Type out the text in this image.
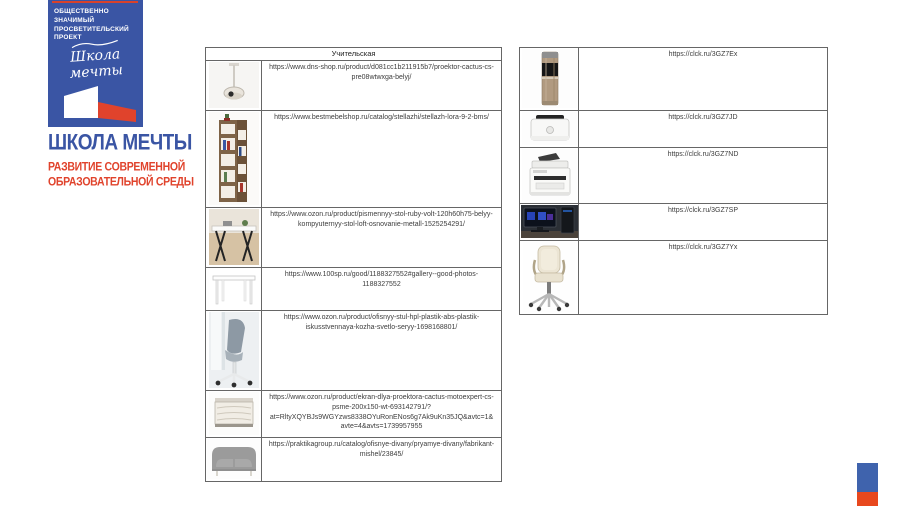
ОБЩЕСТВЕННО ЗНАЧИМЫЙ
ПРОСВЕТИТЕЛЬСКИЙ ПРОЕКТ
Школа
мечты
ШКОЛА МЕЧТЫ
РАЗВИТИЕ СОВРЕМЕННОЙ
ОБРАЗОВАТЕЛЬНОЙ СРЕДЫ
Учительская	

	https://www.dns-shop.ru/product/d081cc1b211915b7/proektor-cactus-cs-pre08wtwxga-belyj/

	https://www.bestmebelshop.ru/catalog/stellazhi/stellazh-lora-9-2-bms/

	https://www.ozon.ru/product/pismennyy-stol-ruby-volt-120h60h75-belyy-kompyuternyy-stol-loft-osnovanie-metall-1525254291/

	https://www.100sp.ru/good/1188327552#gallery--good-photos-1188327552

	https://www.ozon.ru/product/ofisnyy-stul-hpl-plastik-abs-plastik-iskusstvennaya-kozha-svetlo-seryy-1698168801/

	https://www.ozon.ru/product/ekran-dlya-proektora-cactus-motoexpert-cs-psme-200x150-wt-693142791/?at=RltyXQYBJs9WGYzws8338OYuRonENos6g7Ak9uKn35JQ&avtc=1&avte=4&avts=1739957955

	https://praktikagroup.ru/catalog/ofisnye-divany/pryamye-divany/fabrikant-mishel/23845/
	https://clck.ru/3GZ7Ex

	https://clck.ru/3GZ7JD

	https://clck.ru/3GZ7ND

	https://clck.ru/3GZ7SP

	https://clck.ru/3GZ7Yx
